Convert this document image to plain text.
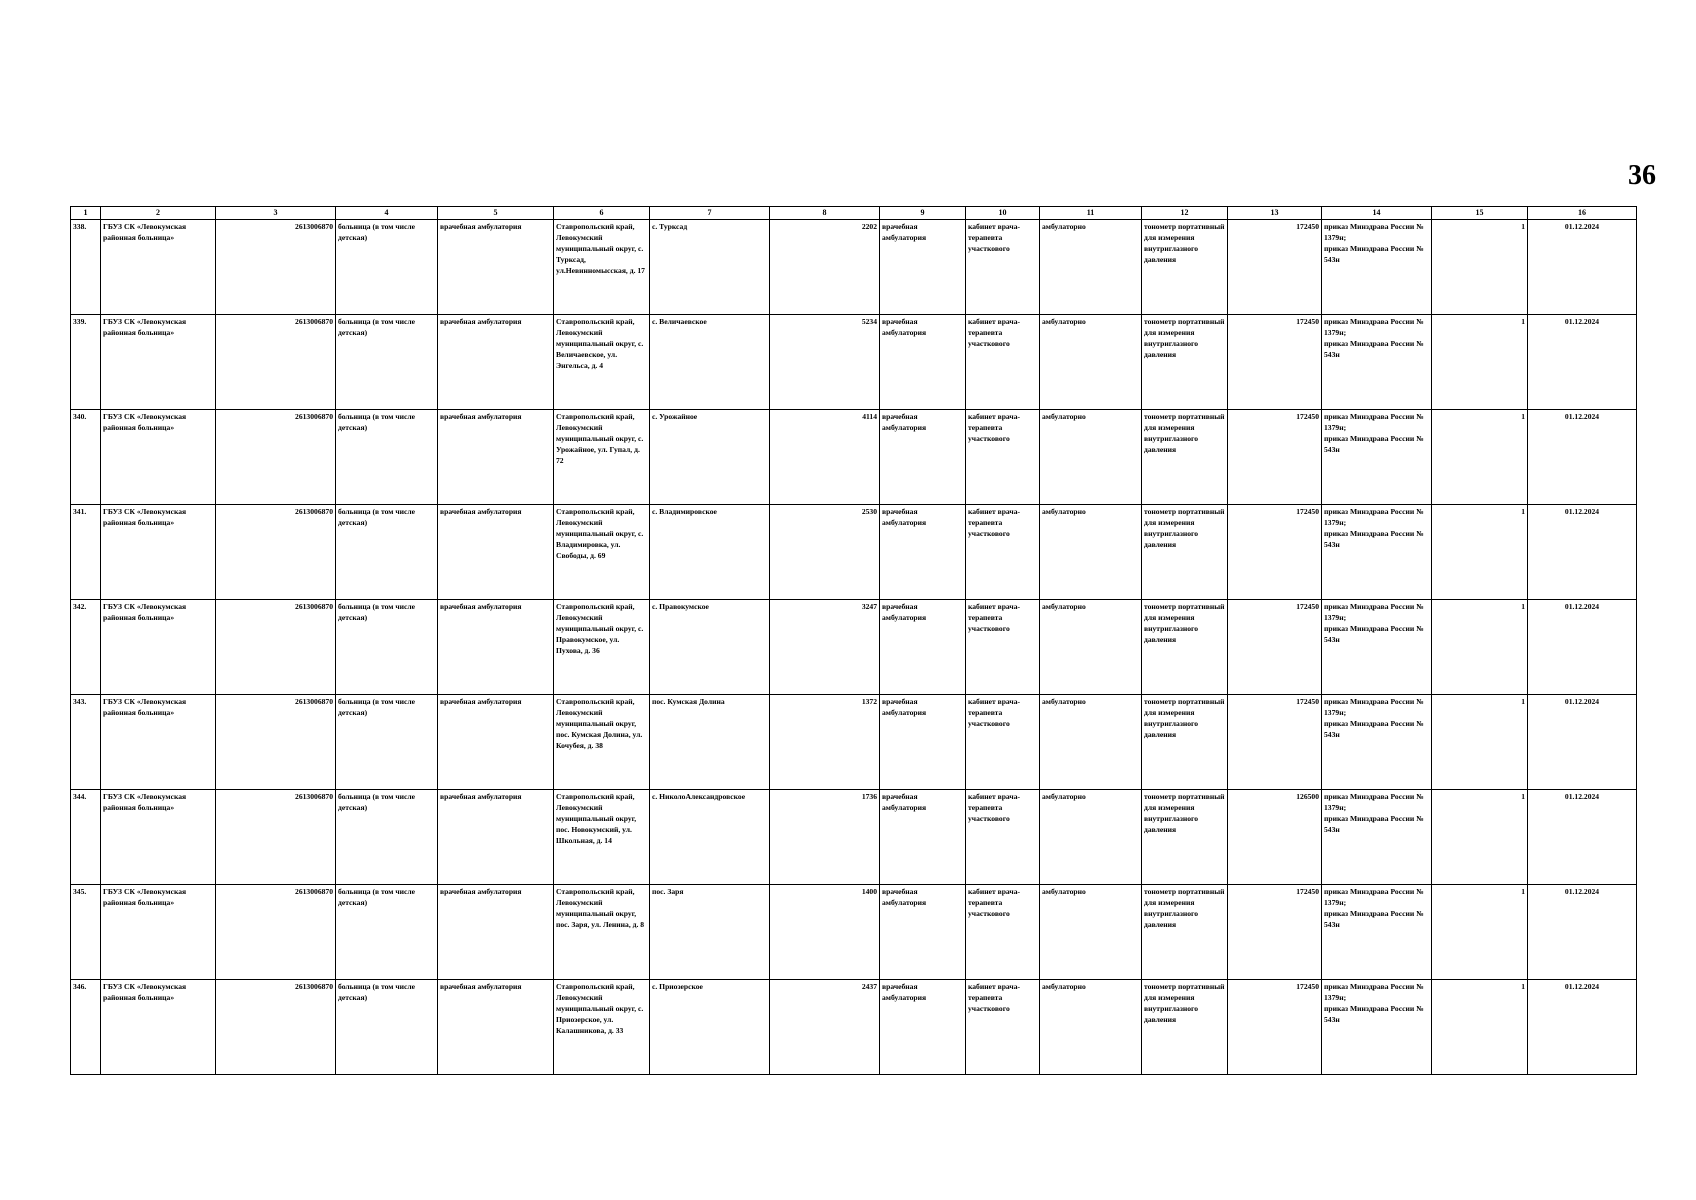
36
1	2	3	4	5	6	7	8	9	10	11	12	13	14	15	16
338.	ГБУЗ СК «Левокумская районная больница»	2613006870	больница (в том числе детская)	врачебная амбулатория	Ставропольский край, Левокумский муниципальный округ, с. Турксад, ул.Невинномысская, д. 17	с. Турксад	2202	врачебная амбулатория	кабинет врача-терапевта участкового	амбулаторно	тонометр портативный для измерения внутриглазного давления	172450	приказ Минздрава России № 1379н;
приказ Минздрава России № 543н	1	01.12.2024
339.	ГБУЗ СК «Левокумская районная больница»	2613006870	больница (в том числе детская)	врачебная амбулатория	Ставропольский край, Левокумский муниципальный округ, с. Величаевское, ул. Энгельса, д. 4	с. Величаевское	5234	врачебная амбулатория	кабинет врача-терапевта участкового	амбулаторно	тонометр портативный для измерения внутриглазного давления	172450	приказ Минздрава России № 1379н;
приказ Минздрава России № 543н	1	01.12.2024
340.	ГБУЗ СК «Левокумская районная больница»	2613006870	больница (в том числе детская)	врачебная амбулатория	Ставропольский край, Левокумский муниципальный округ, с. Урожайное, ул. Гупал, д. 72	с. Урожайное	4114	врачебная амбулатория	кабинет врача-терапевта участкового	амбулаторно	тонометр портативный для измерения внутриглазного давления	172450	приказ Минздрава России № 1379н;
приказ Минздрава России № 543н	1	01.12.2024
341.	ГБУЗ СК «Левокумская районная больница»	2613006870	больница (в том числе детская)	врачебная амбулатория	Ставропольский край, Левокумский муниципальный округ, с. Владимировка, ул. Свободы, д. 69	с. Владимировское	2530	врачебная амбулатория	кабинет врача-терапевта участкового	амбулаторно	тонометр портативный для измерения внутриглазного давления	172450	приказ Минздрава России № 1379н;
приказ Минздрава России № 543н	1	01.12.2024
342.	ГБУЗ СК «Левокумская районная больница»	2613006870	больница (в том числе детская)	врачебная амбулатория	Ставропольский край, Левокумский муниципальный округ, с. Правокумское, ул. Пухова, д. 36	с. Правокумское	3247	врачебная амбулатория	кабинет врача-терапевта участкового	амбулаторно	тонометр портативный для измерения внутриглазного давления	172450	приказ Минздрава России № 1379н;
приказ Минздрава России № 543н	1	01.12.2024
343.	ГБУЗ СК «Левокумская районная больница»	2613006870	больница (в том числе детская)	врачебная амбулатория	Ставропольский край, Левокумский муниципальный округ, пос. Кумская Долина, ул. Кочубея, д. 38	пос. Кумская Долина	1372	врачебная амбулатория	кабинет врача-терапевта участкового	амбулаторно	тонометр портативный для измерения внутриглазного давления	172450	приказ Минздрава России № 1379н;
приказ Минздрава России № 543н	1	01.12.2024
344.	ГБУЗ СК «Левокумская районная больница»	2613006870	больница (в том числе детская)	врачебная амбулатория	Ставропольский край, Левокумский муниципальный округ, пос. Новокумский, ул. Школьная, д. 14	с. НиколоАлександровское	1736	врачебная амбулатория	кабинет врача-терапевта участкового	амбулаторно	тонометр портативный для измерения внутриглазного давления	126500	приказ Минздрава России № 1379н;
приказ Минздрава России № 543н	1	01.12.2024
345.	ГБУЗ СК «Левокумская районная больница»	2613006870	больница (в том числе детская)	врачебная амбулатория	Ставропольский край, Левокумский муниципальный округ, пос. Заря, ул. Ленина, д. 8	пос. Заря	1400	врачебная амбулатория	кабинет врача-терапевта участкового	амбулаторно	тонометр портативный для измерения внутриглазного давления	172450	приказ Минздрава России № 1379н;
приказ Минздрава России № 543н	1	01.12.2024
346.	ГБУЗ СК «Левокумская районная больница»	2613006870	больница (в том числе детская)	врачебная амбулатория	Ставропольский край, Левокумский муниципальный округ, с. Приозерское, ул. Калашникова, д. 33	с. Приозерское	2437	врачебная амбулатория	кабинет врача-терапевта участкового	амбулаторно	тонометр портативный для измерения внутриглазного давления	172450	приказ Минздрава России № 1379н;
приказ Минздрава России № 543н	1	01.12.2024
